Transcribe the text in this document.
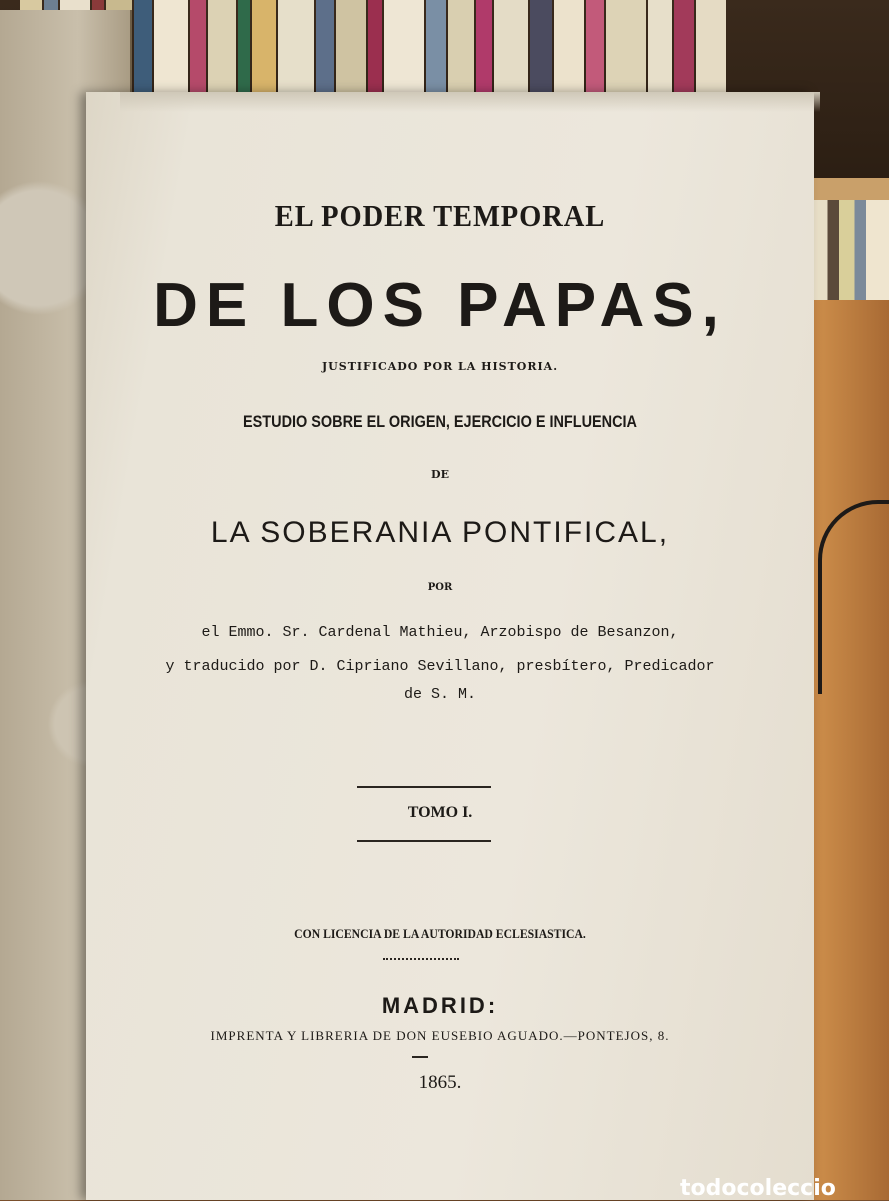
EL PODER TEMPORAL
DE LOS PAPAS,
JUSTIFICADO POR LA HISTORIA.
ESTUDIO SOBRE EL ORIGEN, EJERCICIO E INFLUENCIA
DE
LA SOBERANIA PONTIFICAL,
POR
el Emmo. Sr. Cardenal Mathieu, Arzobispo de Besanzon,
y traducido por D. Cipriano Sevillano, presbítero, Predicador
de S. M.
TOMO I.
CON LICENCIA DE LA AUTORIDAD ECLESIASTICA.
MADRID:
IMPRENTA Y LIBRERIA DE DON EUSEBIO AGUADO.—PONTEJOS, 8.
1865.
todocoleccio
